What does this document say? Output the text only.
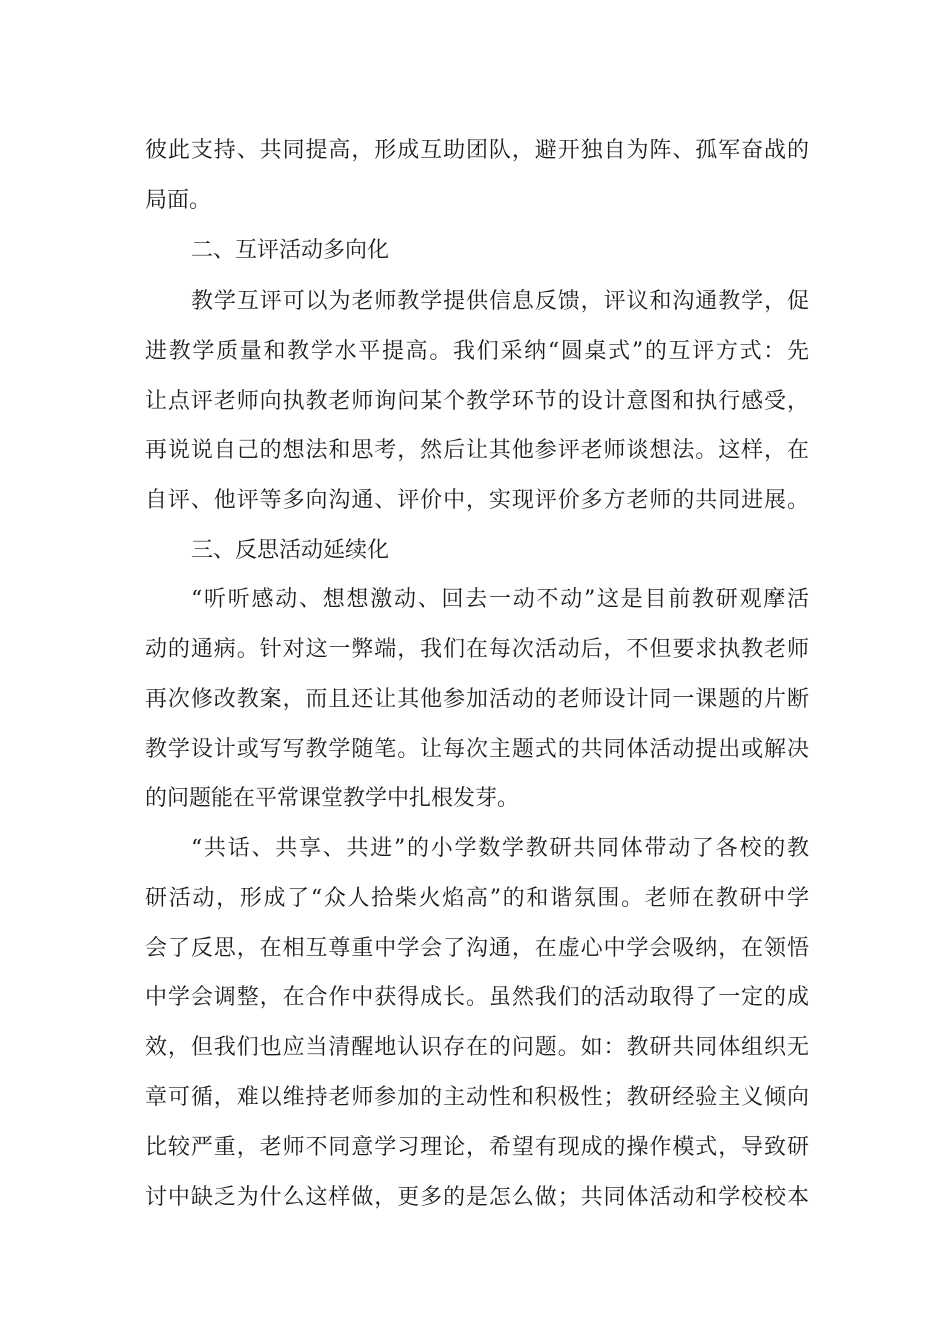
彼此支持、共同提高，形成互助团队，避开独自为阵、孤军奋战的
局面。
二、互评活动多向化
教学互评可以为老师教学提供信息反馈，评议和沟通教学，促
进教学质量和教学水平提高。我们采纳“圆桌式”的互评方式：先
让点评老师向执教老师询问某个教学环节的设计意图和执行感受，
再说说自己的想法和思考，然后让其他参评老师谈想法。这样，在
自评、他评等多向沟通、评价中，实现评价多方老师的共同进展。
三、反思活动延续化
“听听感动、想想激动、回去一动不动”这是目前教研观摩活
动的通病。针对这一弊端，我们在每次活动后，不但要求执教老师
再次修改教案，而且还让其他参加活动的老师设计同一课题的片断
教学设计或写写教学随笔。让每次主题式的共同体活动提出或解决
的问题能在平常课堂教学中扎根发芽。
“共话、共享、共进”的小学数学教研共同体带动了各校的教
研活动，形成了“众人拾柴火焰高”的和谐氛围。老师在教研中学
会了反思，在相互尊重中学会了沟通，在虚心中学会吸纳，在领悟
中学会调整，在合作中获得成长。虽然我们的活动取得了一定的成
效，但我们也应当清醒地认识存在的问题。如：教研共同体组织无
章可循，难以维持老师参加的主动性和积极性；教研经验主义倾向
比较严重，老师不同意学习理论，希望有现成的操作模式，导致研
讨中缺乏为什么这样做，更多的是怎么做；共同体活动和学校校本
